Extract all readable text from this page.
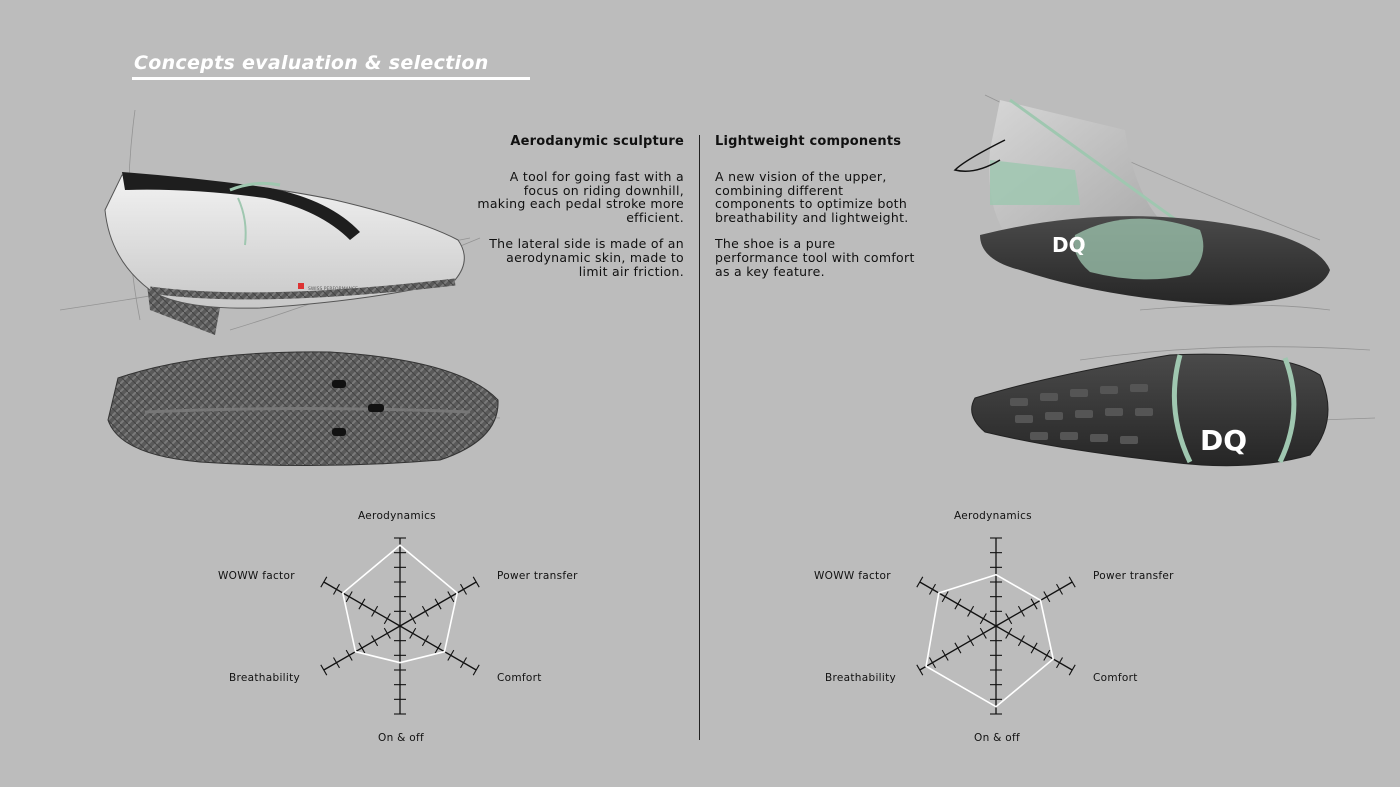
Concepts evaluation & selection
SWISS PERFORMANCE
DQ
DQ
Aerodanymic sculpture

A tool for going fast with a focus on riding downhill, making each pedal stroke more efficient.

The lateral side is made of an aerodynamic skin, made to limit air friction.

Lightweight components

A new vision of the upper, combining different components to optimize both breathability and lightweight.

The shoe is a pure performance tool with comfort as a key feature.

Aerodynamics
Power transfer
Comfort
On & off
Breathability
WOWW factor
Aerodynamics
Power transfer
Comfort
On & off
Breathability
WOWW factor
